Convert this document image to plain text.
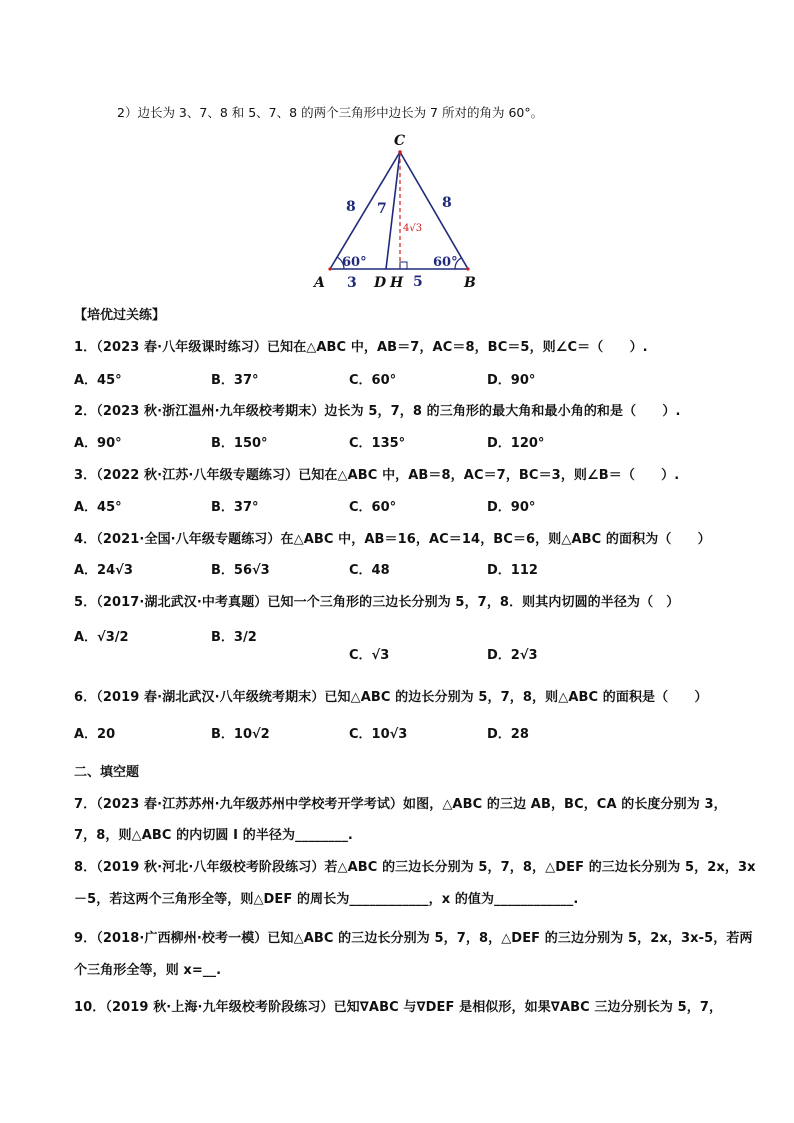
2）边长为 3、7、8 和 5、7、8 的两个三角形中边长为 7 所对的角为 60°。
C
A	B
D H
8 7	8
3	5
4√3
60°	60°
【培优过关练】
1．（2023 春·八年级课时练习）已知在△ABC 中，AB＝7，AC＝8，BC＝5，则∠C＝（　　）.
A．45°	B．37°	C．60°	D．90°
2．（2023 秋·浙江温州·九年级校考期末）边长为 5，7，8 的三角形的最大角和最小角的和是（　　）.
A．90°	B．150°	C．135°	D．120°
3．（2022 秋·江苏·八年级专题练习）已知在△ABC 中，AB＝8，AC＝7，BC＝3，则∠B＝（　　）.
A．45°	B．37°	C．60°	D．90°
4．（2021·全国·八年级专题练习）在△ABC 中，AB＝16，AC＝14，BC＝6，则△ABC 的面积为（　　）
A．24√3	B．56√3	C．48	D．112
5．（2017·湖北武汉·中考真题）已知一个三角形的三边长分别为 5，7，8．则其内切圆的半径为（　）
A．√3/2	B．3/2
C．√3	D．2√3
6．（2019 春·湖北武汉·八年级统考期末）已知△ABC 的边长分别为 5，7，8，则△ABC 的面积是（　　）
A．20	B．10√2	C．10√3	D．28
二、填空题
7．（2023 春·江苏苏州·九年级苏州中学校考开学考试）如图，△ABC 的三边 AB，BC，CA 的长度分别为 3，
7，8，则△ABC 的内切圆 I 的半径为________.
8．（2019 秋·河北·八年级校考阶段练习）若△ABC 的三边长分别为 5，7，8，△DEF 的三边长分别为 5，2x，3x
－5，若这两个三角形全等，则△DEF 的周长为____________，x 的值为____________.
9．（2018·广西柳州·校考一模）已知△ABC 的三边长分别为 5，7，8，△DEF 的三边分别为 5，2x，3x-5，若两
个三角形全等，则 x=__.
10．（2019 秋·上海·九年级校考阶段练习）已知∇ABC 与∇DEF 是相似形，如果∇ABC 三边分别长为 5，7，
